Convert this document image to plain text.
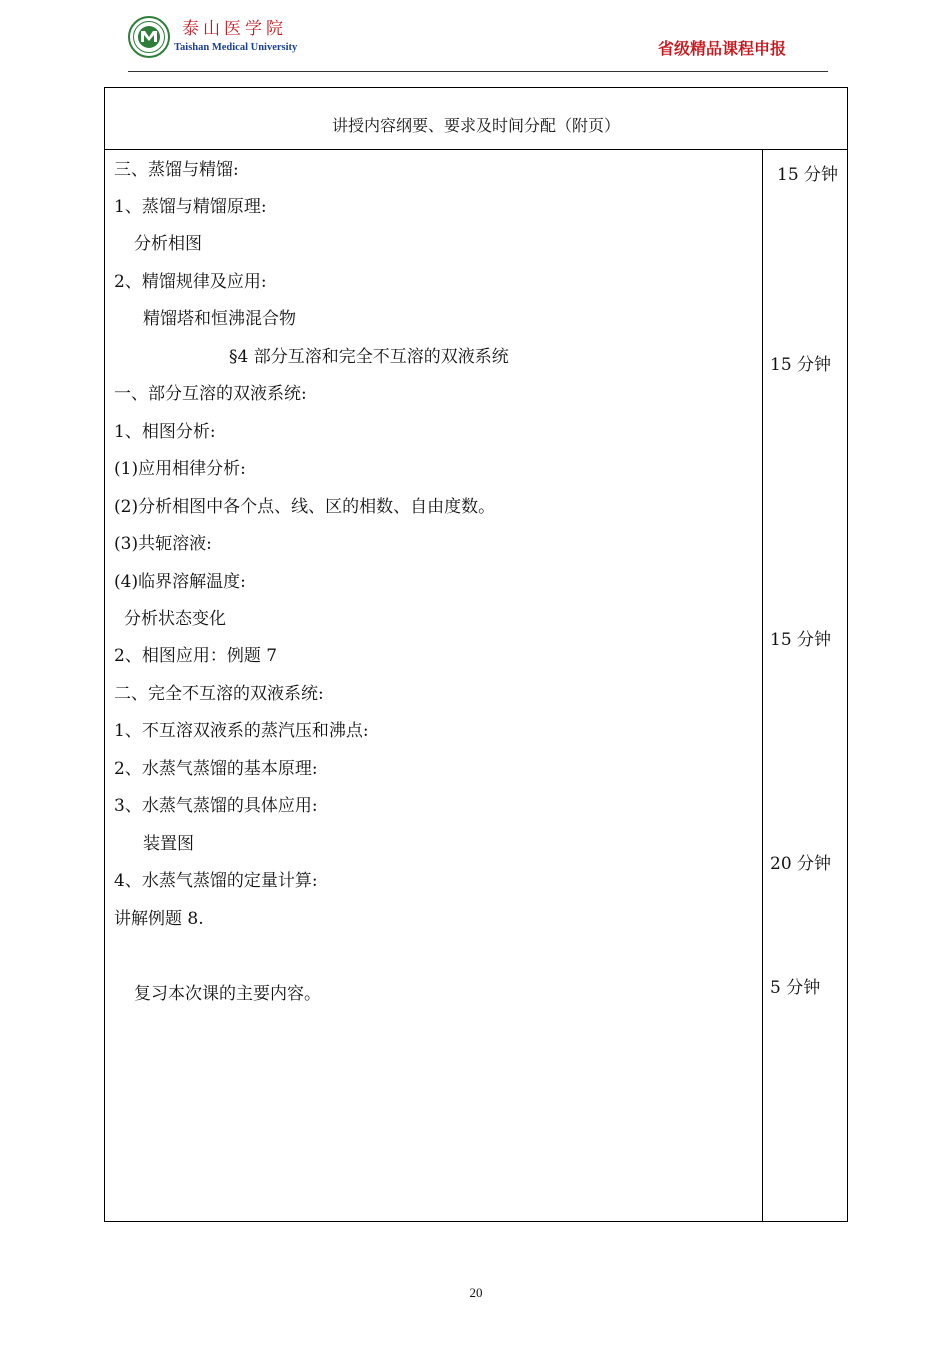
泰山医学院
Taishan Medical University	省级精品课程申报
讲授内容纲要、要求及时间分配（附页）
三、蒸馏与精馏:
1、蒸馏与精馏原理:
分析相图
2、精馏规律及应用:
精馏塔和恒沸混合物
§4 部分互溶和完全不互溶的双液系统
一、部分互溶的双液系统:
1、相图分析:
(1)应用相律分析:
(2)分析相图中各个点、线、区的相数、自由度数。
(3)共轭溶液:
(4)临界溶解温度:
分析状态变化
2、相图应用：例题 7
二、完全不互溶的双液系统:
1、不互溶双液系的蒸汽压和沸点:
2、水蒸气蒸馏的基本原理:
3、水蒸气蒸馏的具体应用:
装置图
4、水蒸气蒸馏的定量计算:
讲解例题 8.
复习本次课的主要内容。
15 分钟
15 分钟
15 分钟
20 分钟
5 分钟
20
